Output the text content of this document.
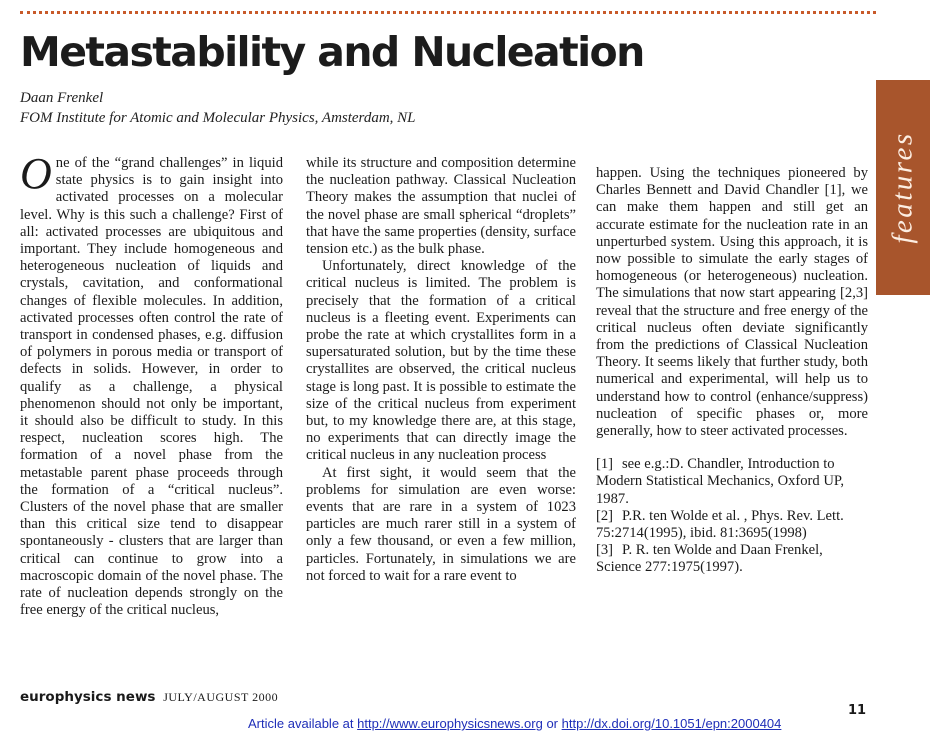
Metastability and Nucleation
Daan Frenkel
FOM Institute for Atomic and Molecular Physics, Amsterdam, NL
features

One of the “grand challenges” in liquid state physics is to gain insight into activated processes on a molecular level. Why is this such a challenge? First of all: activated processes are ubiquitous and important. They include homogeneous and heterogeneous nucleation of liquids and crystals, cavitation, and conformational changes of flexible molecules. In addition, activated processes often control the rate of transport in condensed phases, e.g. diffusion of polymers in porous media or transport of defects in solids. However, in order to qualify as a challenge, a physical phenomenon should not only be important, it should also be difficult to study. In this respect, nucleation scores high. The formation of a novel phase from the metastable parent phase proceeds through the formation of a “critical nucleus”. Clusters of the novel phase that are smaller than this critical size tend to disappear spontaneously - clusters that are larger than critical can continue to grow into a macroscopic domain of the novel phase. The rate of nucleation depends strongly on the free energy of the critical nucleus,

while its structure and composition determine the nucleation pathway. Classical Nucleation Theory makes the assumption that nuclei of the novel phase are small spherical “droplets” that have the same properties (density, surface tension etc.) as the bulk phase.

Unfortunately, direct knowledge of the critical nucleus is limited. The problem is precisely that the formation of a critical nucleus is a fleeting event. Experiments can probe the rate at which crystallites form in a supersaturated solution, but by the time these crystallites are observed, the critical nucleus stage is long past. It is possible to estimate the size of the critical nucleus from experiment but, to my knowledge there are, at this stage, no experiments that can directly image the critical nucleus in any nucleation process

At first sight, it would seem that the problems for simulation are even worse: events that are rare in a system of 1023 particles are much rarer still in a system of only a few thousand, or even a few million, particles. Fortunately, in simulations we are not forced to wait for a rare event to

happen. Using the techniques pioneered by Charles Bennett and David Chandler [1], we can make them happen and still get an accurate estimate for the nucleation rate in an unperturbed system. Using this approach, it is now possible to simulate the early stages of homogeneous (or heterogeneous) nucleation. The simulations that now start appearing [2,3] reveal that the structure and free energy of the critical nucleus often deviate significantly from the predictions of Classical Nucleation Theory. It seems likely that further study, both numerical and experimental, will help us to understand how to control (enhance/suppress) nucleation of specific phases or, more generally, how to steer activated processes.

[1] see e.g.:D. Chandler, Introduction to Modern Statistical Mechanics, Oxford UP, 1987.

[2] P.R. ten Wolde et al. , Phys. Rev. Lett. 75:2714(1995), ibid. 81:3695(1998)

[3] P. R. ten Wolde and Daan Frenkel, Science 277:1975(1997).

europhysics news JULY/AUGUST 2000
11
Article available at http://www.europhysicsnews.org or http://dx.doi.org/10.1051/epn:2000404
